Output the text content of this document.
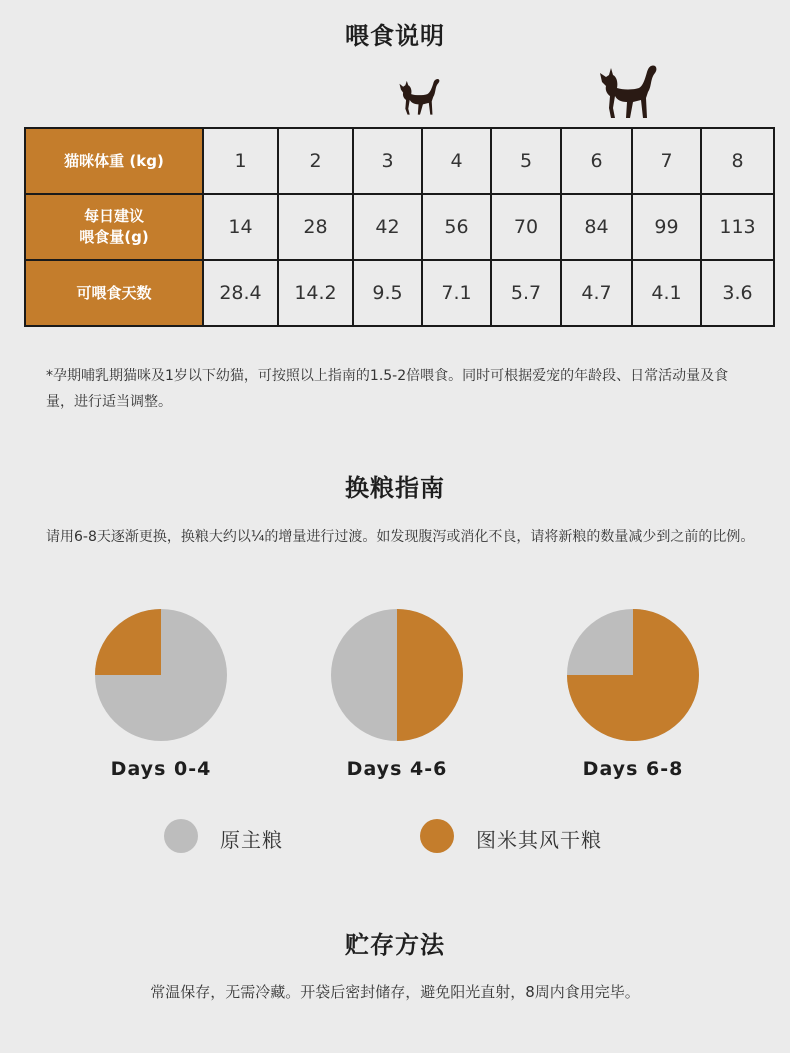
喂食说明
猫咪体重 (kg)	1	2	3	4	5	6	7	8
每日建议
喂食量(g)	14	28	42	56	70	84	99	113
可喂食天数	28.4	14.2	9.5	7.1	5.7	4.7	4.1	3.6
*孕期哺乳期猫咪及1岁以下幼猫，可按照以上指南的1.5-2倍喂食。同时可根据爱宠的年龄段、日常活动量及食量，进行适当调整。
换粮指南
请用6-8天逐渐更换，换粮大约以¼的增量进行过渡。如发现腹泻或消化不良，请将新粮的数量减少到之前的比例。
Days 0-4	Days 4-6	Days 6-8
原主粮	图米其风干粮
贮存方法
常温保存，无需冷藏。开袋后密封储存，避免阳光直射，8周内食用完毕。
